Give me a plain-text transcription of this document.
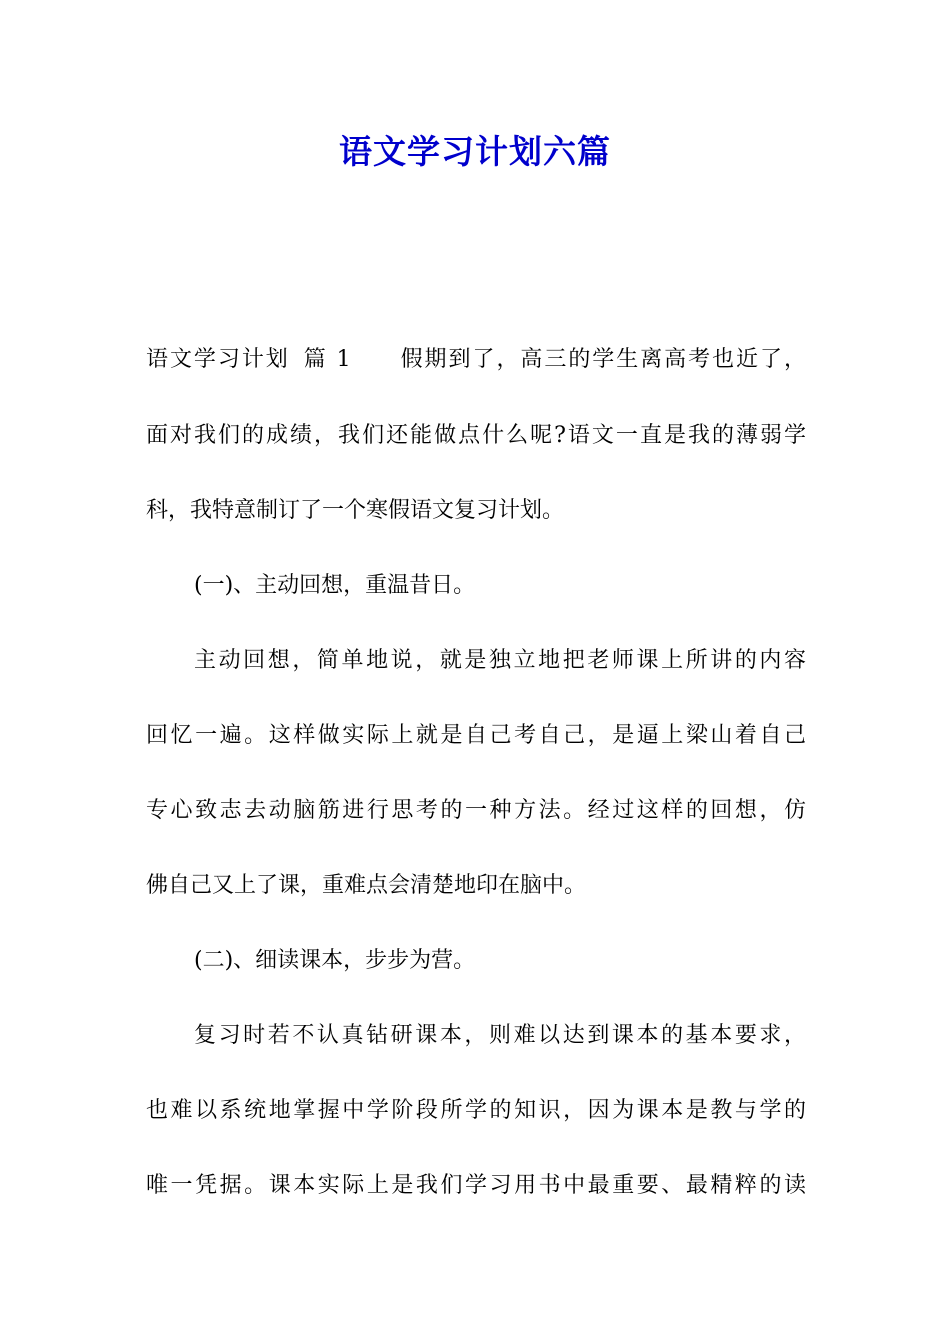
语文学习计划六篇
语文学习计划 篇 1 假期到了，高三的学生离高考也近了，
面对我们的成绩，我们还能做点什么呢?语文一直是我的薄弱学
科，我特意制订了一个寒假语文复习计划。
(一)、主动回想，重温昔日。
主动回想，简单地说，就是独立地把老师课上所讲的内容
回忆一遍。这样做实际上就是自己考自己，是逼上梁山着自己
专心致志去动脑筋进行思考的一种方法。经过这样的回想，仿
佛自己又上了课，重难点会清楚地印在脑中。
(二)、细读课本，步步为营。
复习时若不认真钻研课本，则难以达到课本的基本要求，
也难以系统地掌握中学阶段所学的知识，因为课本是教与学的
唯一凭据。课本实际上是我们学习用书中最重要、最精粹的读
